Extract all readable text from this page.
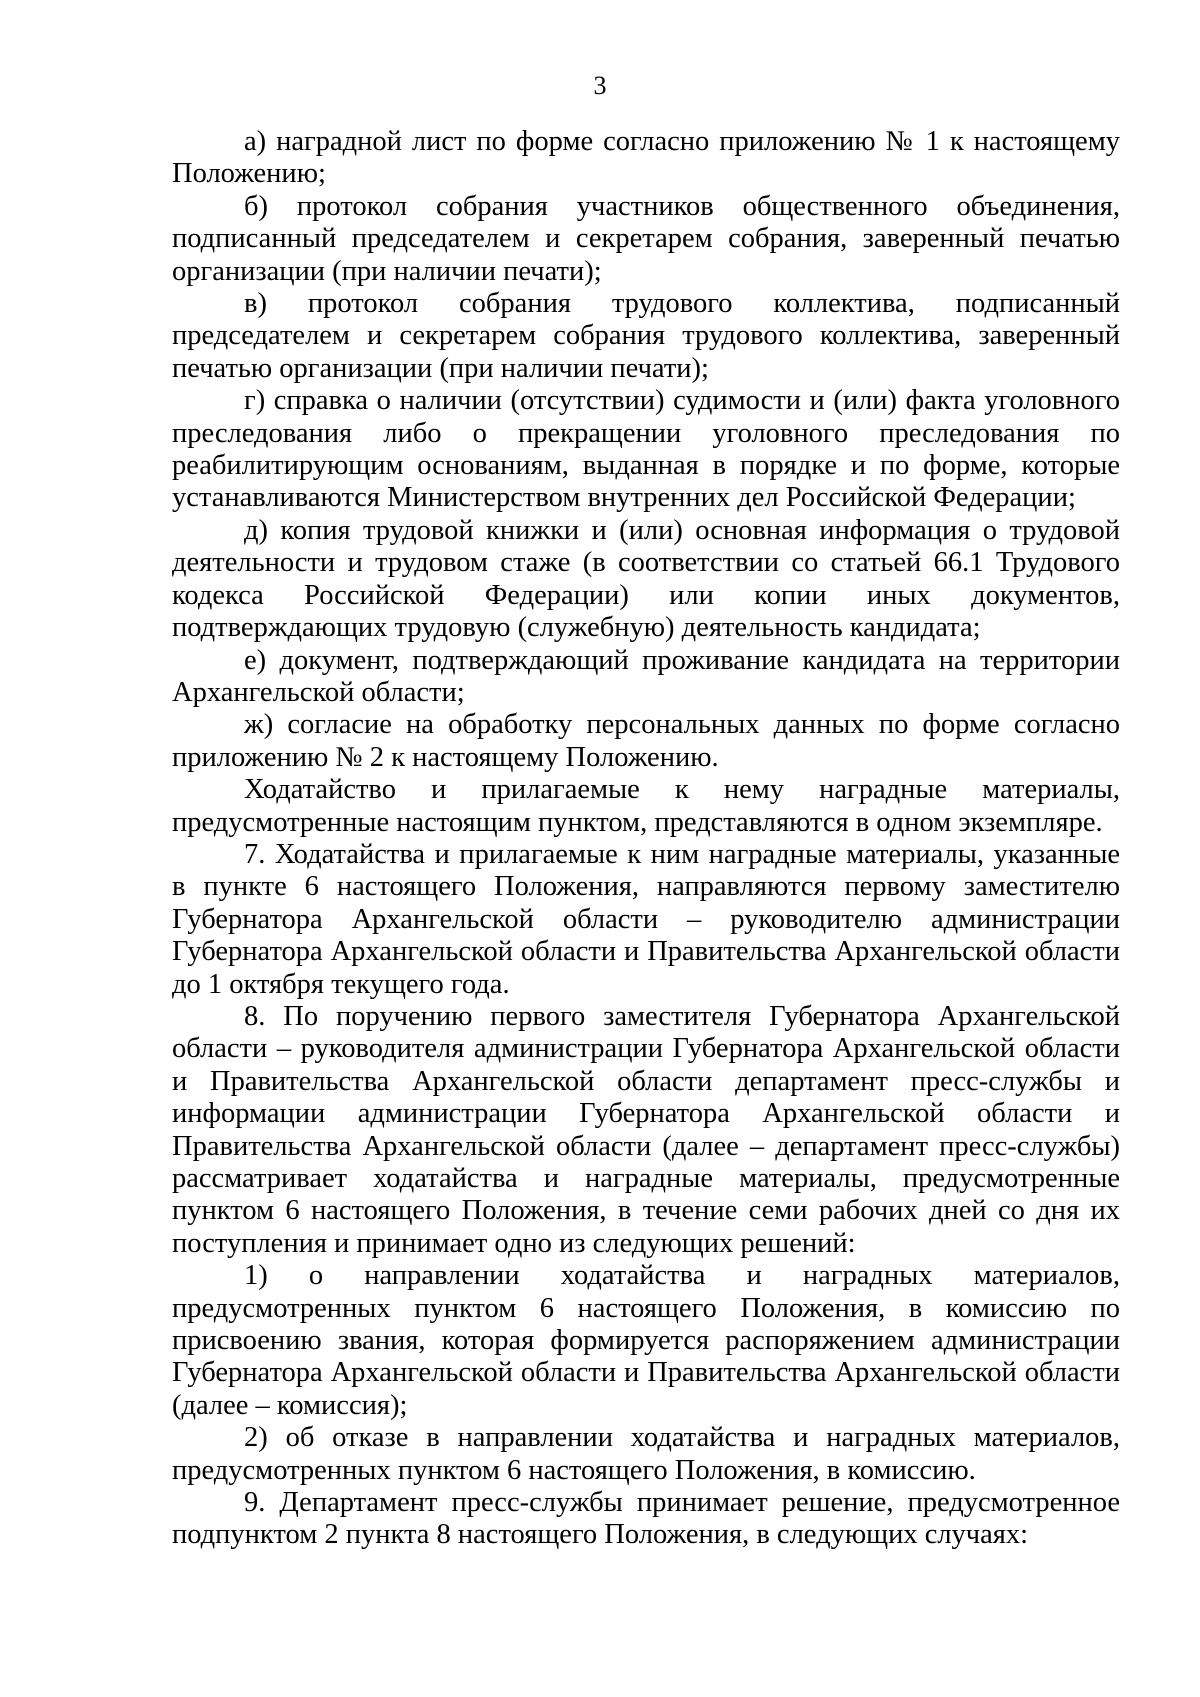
3

а) наградной лист по форме согласно приложению № 1 к настоящему Положению;

б) протокол собрания участников общественного объединения, подписанный председателем и секретарем собрания, заверенный печатью организации (при наличии печати);

в) протокол собрания трудового коллектива, подписанный председателем и секретарем собрания трудового коллектива, заверенный печатью организации (при наличии печати);

г) справка о наличии (отсутствии) судимости и (или) факта уголовного преследования либо о прекращении уголовного преследования по реабилитирующим основаниям, выданная в порядке и по форме, которые устанавливаются Министерством внутренних дел Российской Федерации;

д) копия трудовой книжки и (или) основная информация о трудовой деятельности и трудовом стаже (в соответствии со статьей 66.1 Трудового кодекса Российской Федерации) или копии иных документов, подтверждающих трудовую (служебную) деятельность кандидата;

е) документ, подтверждающий проживание кандидата на территории Архангельской области;

ж) согласие на обработку персональных данных по форме согласно приложению № 2 к настоящему Положению.

Ходатайство и прилагаемые к нему наградные материалы, предусмотренные настоящим пунктом, представляются в одном экземпляре.

7. Ходатайства и прилагаемые к ним наградные материалы, указанные в пункте 6 настоящего Положения, направляются первому заместителю Губернатора Архангельской области – руководителю администрации Губернатора Архангельской области и Правительства Архангельской области до 1 октября текущего года.

8. По поручению первого заместителя Губернатора Архангельской области – руководителя администрации Губернатора Архангельской области и Правительства Архангельской области департамент пресс-службы и информации администрации Губернатора Архангельской области и Правительства Архангельской области (далее – департамент пресс-службы) рассматривает ходатайства и наградные материалы, предусмотренные пунктом 6 настоящего Положения, в течение семи рабочих дней со дня их поступления и принимает одно из следующих решений:

1) о направлении ходатайства и наградных материалов, предусмотренных пунктом 6 настоящего Положения, в комиссию по присвоению звания, которая формируется распоряжением администрации Губернатора Архангельской области и Правительства Архангельской области (далее – комиссия);

2) об отказе в направлении ходатайства и наградных материалов, предусмотренных пунктом 6 настоящего Положения, в комиссию.

9. Департамент пресс-службы принимает решение, предусмотренное подпунктом 2 пункта 8 настоящего Положения, в следующих случаях:
